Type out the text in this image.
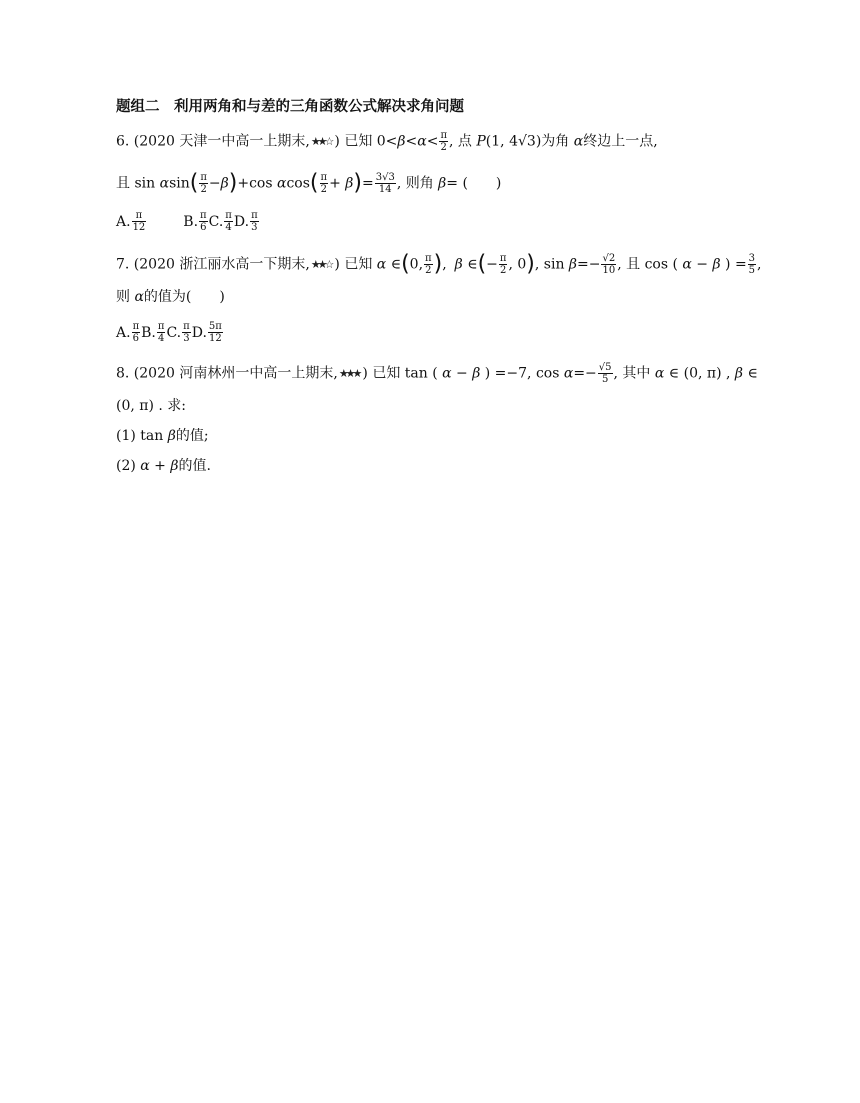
题组二　利用两角和与差的三角函数公式解决求角问题
6. (2020 天津一中高一上期末,★★☆ ) 已知 $0<\beta<\alpha< \frac{\pi}{2}$ , 点 P(1, 4√3)为角 α终边上一点,
且 $\sin \alpha\sin( \frac{\pi}{2} -\beta)+\cos$ $\alpha\cos( \frac{\pi}{2} + \beta)= \frac{3√3}{14}$ , 则角 β= (　　)
A. $\frac{\pi}{12}$	B. $\frac{\pi}{6} C$. $\frac{\pi}{4} D$. $\frac{\pi}{3}$
7. (2020 浙江丽水高一下期末,★★☆ ) 已知 α ∈(0, $\frac{\pi}{2}$ ), β ∈(− $\frac{\pi}{2}$ , 0), $\sin \beta=- \frac{√2}{10}$ , 且 cos ( α − β ) = $\frac{3}{5}$ ,
则 α的值为(　　)
A. $\frac{\pi}{6} B$. $\frac{\pi}{4} C$. $\frac{\pi}{3} D$. $\frac{5\pi}{12}$
8. (2020 河南林州一中高一上期末,★★★ ) 已知 tan ( α − β ) =−7, $\cos \alpha=- \frac{√5}{5}$ , 其中 α ∈ (0, π) , β ∈
(0, π) . 求:
(1) tan β的值;
(2) α + β的值.
